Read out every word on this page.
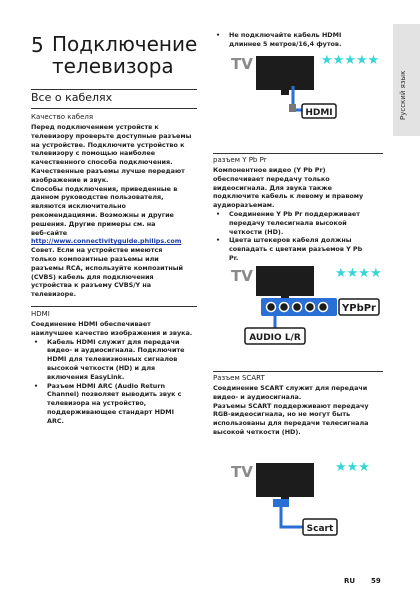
Русский язык
5 Подключение
телевизора
Все о кабелях
Качество кабеля

Перед подключением устройств к

телевизору проверьте доступные разъемы

на устройстве. Подключите устройство к

телевизору с помощью наиболее

качественного способа подключения.

Качественные разъемы лучше передают

изображение и звук.

Способы подключения, приведенные в

данном руководстве пользователя,

являются исключительно

рекомендациями. Возможны и другие

решения. Другие примеры см. на

веб-сайте

http://www.connectivityguide.philips.com

Совет. Если на устройстве имеются

только композитные разъемы или

разъемы RCA, используйте композитный

(CVBS) кабель для подключения

устройства к разъему CVBS/Y на

телевизоре.

HDMI

Соединение HDMI обеспечивает

наилучшее качество изображения и звука.

• Кабель HDMI служит для передачи

видео- и аудиосигнала. Подключите

HDMI для телевизионных сигналов

высокой четкости (HD) и для

включения EasyLink.

• Разъем HDMI ARC (Audio Return

Channel) позволяет выводить звук с

телевизора на устройство,

поддерживающее стандарт HDMI

ARC.

• Не подключайте кабель HDMI

длиннее 5 метров/16,4 футов.

TV
HDMI
★★★★★
разъем Y Pb Pr

Компонентное видео (Y Pb Pr)

обеспечивает передачу только

видеосигнала. Для звука также

подключите кабель к левому и правому

аудиоразъемам.

• Соединение Y Pb Pr поддерживает

передачу телесигнала высокой

четкости (HD).

• Цвета штекеров кабеля должны

совпадать с цветами разъемов Y Pb

Pr.

TV
YPbPr
AUDIO L/R
★★★★
Разъем SCART

Соединение SCART служит для передачи

видео- и аудиосигнала.

Разъемы SCART поддерживают передачу

RGB-видеосигнала, но не могут быть

использованы для передачи телесигнала

высокой четкости (HD).

TV
Scart
★★★
RU 59
